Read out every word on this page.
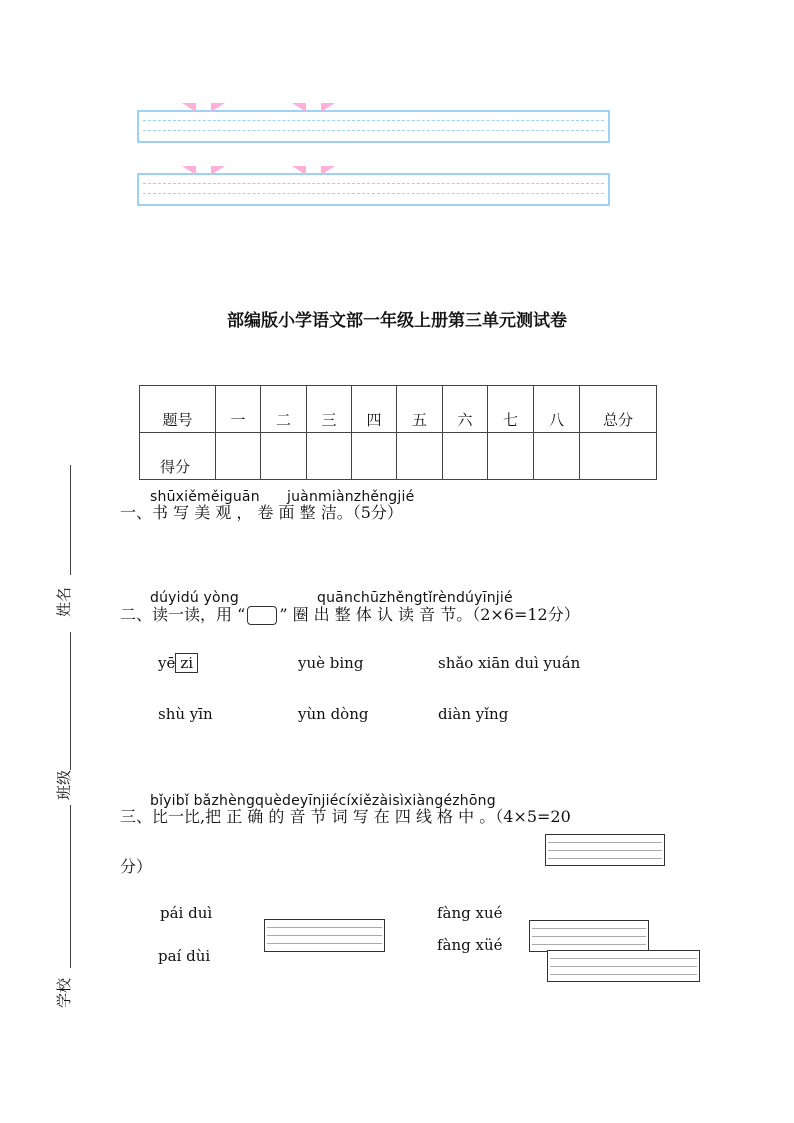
部编版小学语文部一年级上册第三单元测试卷
题号	一	二	三	四	五	六	七	八	总分
得分									
姓名
班级
学校
shūxiěměiguān juànmiànzhěngjié
一、书 写 美 观 ， 卷 面 整 洁。（5分）
dúyidú yòng	quānchūzhěngtǐrèndúyīnjié
二、读一读，用 “ ” 圈 出 整 体 认 读 音 节。（2×6=12分）
yē zi	yuè bing	shǎo xiān duì yuán
shù yīn	yùn dòng	diàn yǐng
bǐyibǐ bǎzhèngquèdeyīnjiécíxiězàisìxiàngézhōng
三、比一比,把 正 确 的 音 节 词 写 在 四 线 格 中 。（4×5=20
分）
pái duì
paí dùi
fàng xué
fàng xüé
